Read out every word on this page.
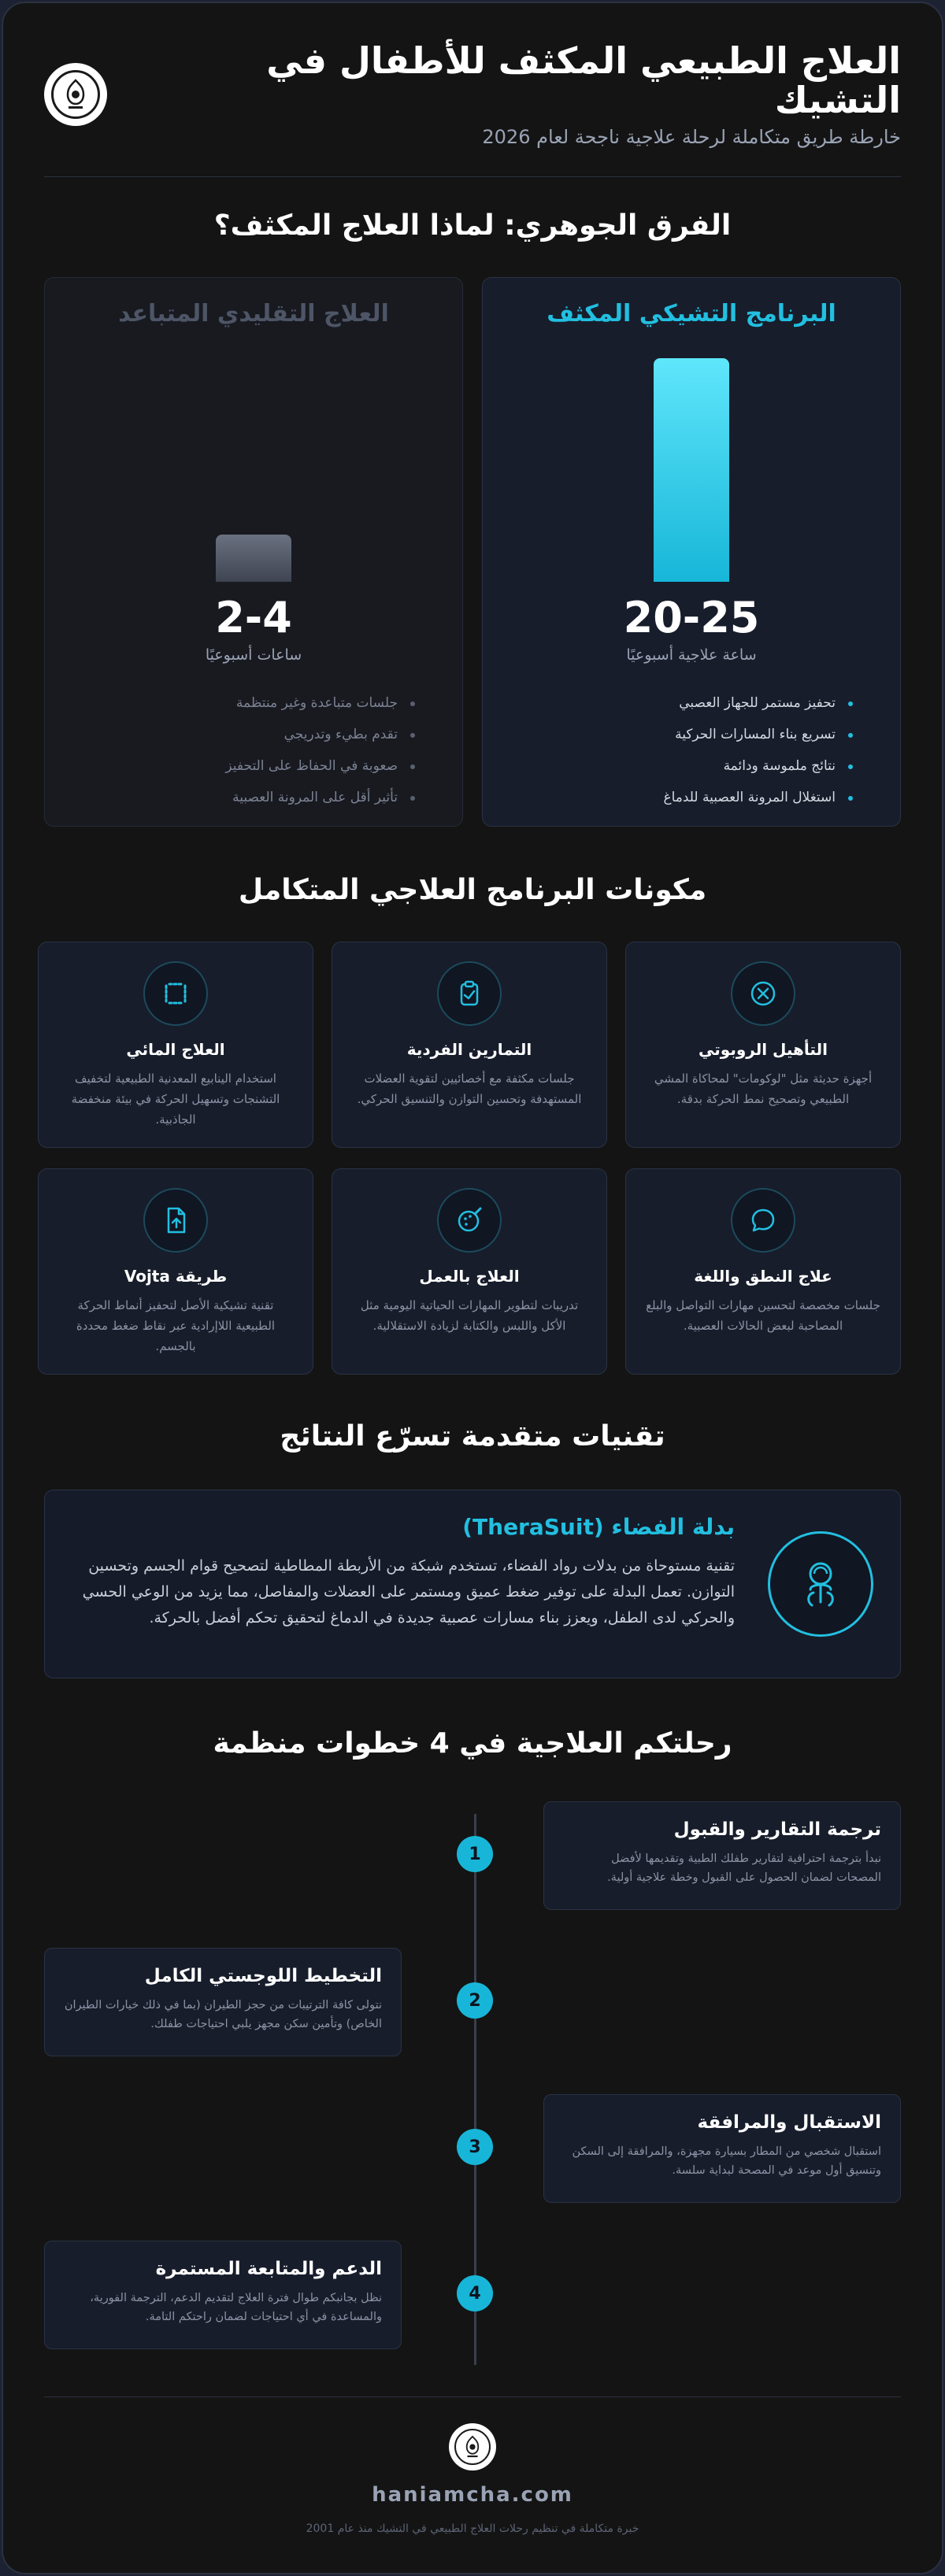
العلاج الطبيعي المكثف للأطفال في التشيك
خارطة طريق متكاملة لرحلة علاجية ناجحة لعام 2026
الفرق الجوهري: لماذا العلاج المكثف؟
البرنامج التشيكي المكثف
20-25
ساعة علاجية أسبوعيًا
تحفيز مستمر للجهاز العصبي
تسريع بناء المسارات الحركية
نتائج ملموسة ودائمة
استغلال المرونة العصبية للدماغ
العلاج التقليدي المتباعد
2-4
ساعات أسبوعيًا
جلسات متباعدة وغير منتظمة
تقدم بطيء وتدريجي
صعوبة في الحفاظ على التحفيز
تأثير أقل على المرونة العصبية
مكونات البرنامج العلاجي المتكامل
التأهيل الروبوتي
أجهزة حديثة مثل "لوكومات" لمحاكاة المشي الطبيعي وتصحيح نمط الحركة بدقة.
التمارين الفردية
جلسات مكثفة مع أخصائيين لتقوية العضلات المستهدفة وتحسين التوازن والتنسيق الحركي.
العلاج المائي
استخدام الينابيع المعدنية الطبيعية لتخفيف التشنجات وتسهيل الحركة في بيئة منخفضة الجاذبية.
علاج النطق واللغة
جلسات مخصصة لتحسين مهارات التواصل والبلع المصاحبة لبعض الحالات العصبية.
العلاج بالعمل
تدريبات لتطوير المهارات الحياتية اليومية مثل الأكل واللبس والكتابة لزيادة الاستقلالية.
طريقة Vojta
تقنية تشيكية الأصل لتحفيز أنماط الحركة الطبيعية اللاإرادية عبر نقاط ضغط محددة بالجسم.
تقنيات متقدمة تسرّع النتائج
بدلة الفضاء (TheraSuit)
تقنية مستوحاة من بدلات رواد الفضاء، تستخدم شبكة من الأربطة المطاطية لتصحيح قوام الجسم وتحسين التوازن. تعمل البدلة على توفير ضغط عميق ومستمر على العضلات والمفاصل، مما يزيد من الوعي الحسي والحركي لدى الطفل، ويعزز بناء مسارات عصبية جديدة في الدماغ لتحقيق تحكم أفضل بالحركة.
رحلتكم العلاجية في 4 خطوات منظمة
1
ترجمة التقارير والقبول
نبدأ بترجمة احترافية لتقارير طفلك الطبية وتقديمها لأفضل المصحات لضمان الحصول على القبول وخطة علاجية أولية.
2
التخطيط اللوجستي الكامل
نتولى كافة الترتيبات من حجز الطيران (بما في ذلك خيارات الطيران الخاص) وتأمين سكن مجهز يلبي احتياجات طفلك.
3
الاستقبال والمرافقة
استقبال شخصي من المطار بسيارة مجهزة، والمرافقة إلى السكن وتنسيق أول موعد في المصحة لبداية سلسة.
4
الدعم والمتابعة المستمرة
نظل بجانبكم طوال فترة العلاج لتقديم الدعم، الترجمة الفورية، والمساعدة في أي احتياجات لضمان راحتكم التامة.
haniamcha.com
خبرة متكاملة في تنظيم رحلات العلاج الطبيعي في التشيك منذ عام 2001
